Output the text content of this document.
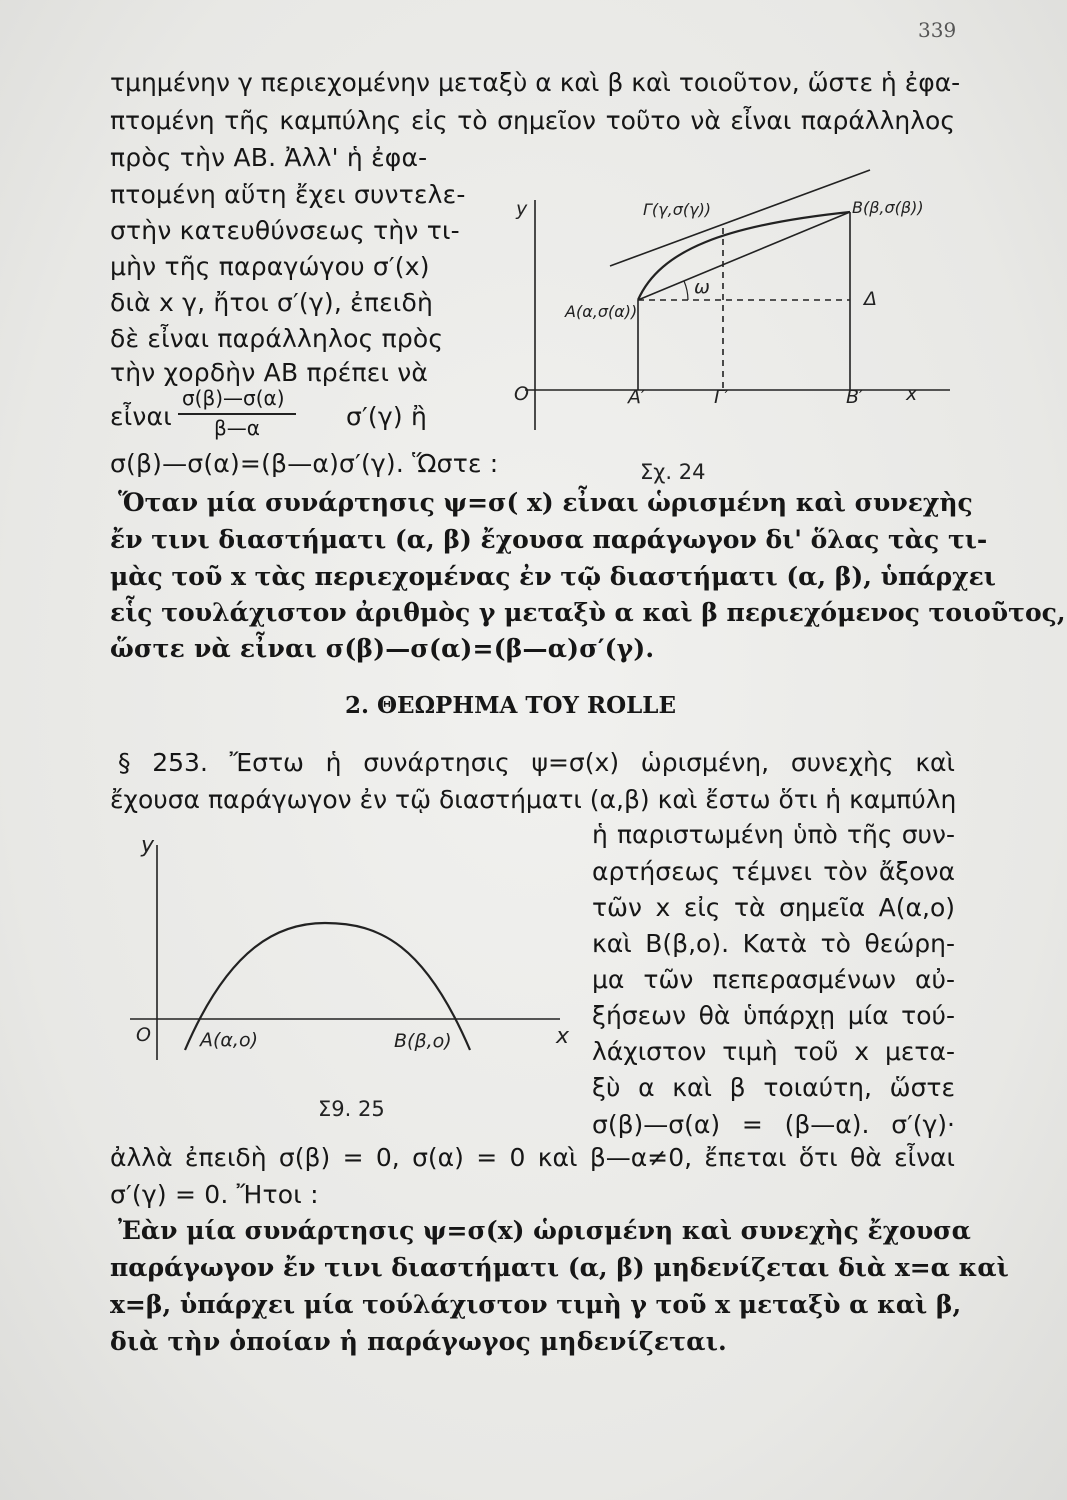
339
τμημένην γ περιεχομένην μεταξὺ α καὶ β καὶ τοιοῦτον, ὥστε ἡ ἐφα-
πτομένη τῆς καμπύλης εἰς τὸ σημεῖον τοῦτο νὰ εἶναι παράλληλος
πρὸς τὴν ΑΒ. Ἀλλ' ἡ ἐφα-
πτομένη αὕτη ἔχει συντελε-
στὴν κατευθύνσεως τὴν τι-
μὴν τῆς παραγώγου σ′(x)
διὰ x γ, ἤτοι σ′(γ), ἐπειδὴ
δὲ εἶναι παράλληλος πρὸς
τὴν χορδὴν ΑΒ πρέπει νὰ
εἶναι
σ(β)—σ(α)
β—α	σ′(γ) ἢ
σ(β)—σ(α)=(β—α)σ′(γ). Ὥστε :
y
x
O
Γ(γ,σ(γ))	Β(β,σ(β))
Α(α,σ(α))
Δ
ω
Α′	Γ′	Β′
Σχ. 24
Ὅταν μία συνάρτησις ψ=σ( x) εἶναι ὡρισμένη καὶ συνεχὴς
ἔν τινι διαστήματι (α, β) ἔχουσα παράγωγον δι' ὅλας τὰς τι-
μὰς τοῦ x τὰς περιεχομένας ἐν τῷ διαστήματι (α, β), ὑπάρχει
εἷς τουλάχιστον ἀριθμὸς γ μεταξὺ α καὶ β περιεχόμενος τοιοῦτος,
ὥστε νὰ εἶναι σ(β)—σ(α)=(β—α)σ′(γ).
2. ΘΕΩΡΗΜΑ ΤΟΥ ROLLE
§ 253. Ἔστω ἡ συνάρτησις ψ=σ(x) ὡρισμένη, συνεχὴς καὶ
ἔχουσα παράγωγον ἐν τῷ διαστήματι (α,β) καὶ ἔστω ὅτι ἡ καμπύλη
ἡ παριστωμένη ὑπὸ τῆς συν-
αρτήσεως τέμνει τὸν ἄξονα
τῶν x εἰς τὰ σημεῖα Α(α,ο)
καὶ Β(β,ο). Κατὰ τὸ θεώρη-
μα τῶν πεπερασμένων αὐ-
ξήσεων θὰ ὑπάρχῃ μία τού-
λάχιστον τιμὴ τοῦ x μετα-
ξὺ α καὶ β τοιαύτη, ὥστε
σ(β)—σ(α) = (β—α). σ′(γ)·
y
x
O	Α(α,ο)	Β(β,ο)
Σ9. 25
ἀλλὰ ἐπειδὴ σ(β) = 0, σ(α) = 0 καὶ β—α≠0, ἔπεται ὅτι θὰ εἶναι
σ′(γ) = 0. Ἤτοι :
Ἐὰν μία συνάρτησις ψ=σ(x) ὡρισμένη καὶ συνεχὴς ἔχουσα
παράγωγον ἔν τινι διαστήματι (α, β) μηδενίζεται διὰ x=α καὶ
x=β, ὑπάρχει μία τούλάχιστον τιμὴ γ τοῦ x μεταξὺ α καὶ β,
διὰ τὴν ὁποίαν ἡ παράγωγος μηδενίζεται.
